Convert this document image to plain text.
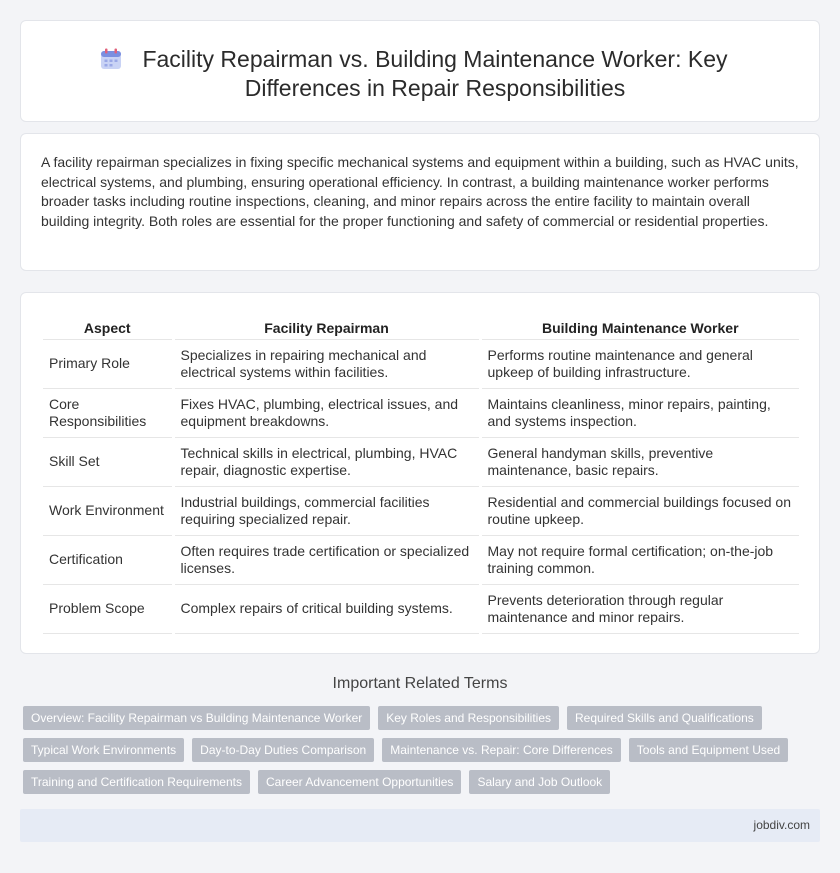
Facility Repairman vs. Building Maintenance Worker: Key Differences in Repair Responsibilities

A facility repairman specializes in fixing specific mechanical systems and equipment within a building, such as HVAC units, electrical systems, and plumbing, ensuring operational efficiency. In contrast, a building maintenance worker performs broader tasks including routine inspections, cleaning, and minor repairs across the entire facility to maintain overall building integrity. Both roles are essential for the proper functioning and safety of commercial or residential properties.

Aspect	Facility Repairman	Building Maintenance Worker
Primary Role	Specializes in repairing mechanical and electrical systems within facilities.	Performs routine maintenance and general upkeep of building infrastructure.
Core Responsibilities	Fixes HVAC, plumbing, electrical issues, and equipment breakdowns.	Maintains cleanliness, minor repairs, painting, and systems inspection.
Skill Set	Technical skills in electrical, plumbing, HVAC repair, diagnostic expertise.	General handyman skills, preventive maintenance, basic repairs.
Work Environment	Industrial buildings, commercial facilities requiring specialized repair.	Residential and commercial buildings focused on routine upkeep.
Certification	Often requires trade certification or specialized licenses.	May not require formal certification; on-the-job training common.
Problem Scope	Complex repairs of critical building systems.	Prevents deterioration through regular maintenance and minor repairs.
Important Related Terms
Overview: Facility Repairman vs Building Maintenance Worker	Key Roles and Responsibilities	Required Skills and Qualifications
Typical Work Environments	Day-to-Day Duties Comparison	Maintenance vs. Repair: Core Differences	Tools and Equipment Used
Training and Certification Requirements	Career Advancement Opportunities	Salary and Job Outlook
jobdiv.com
